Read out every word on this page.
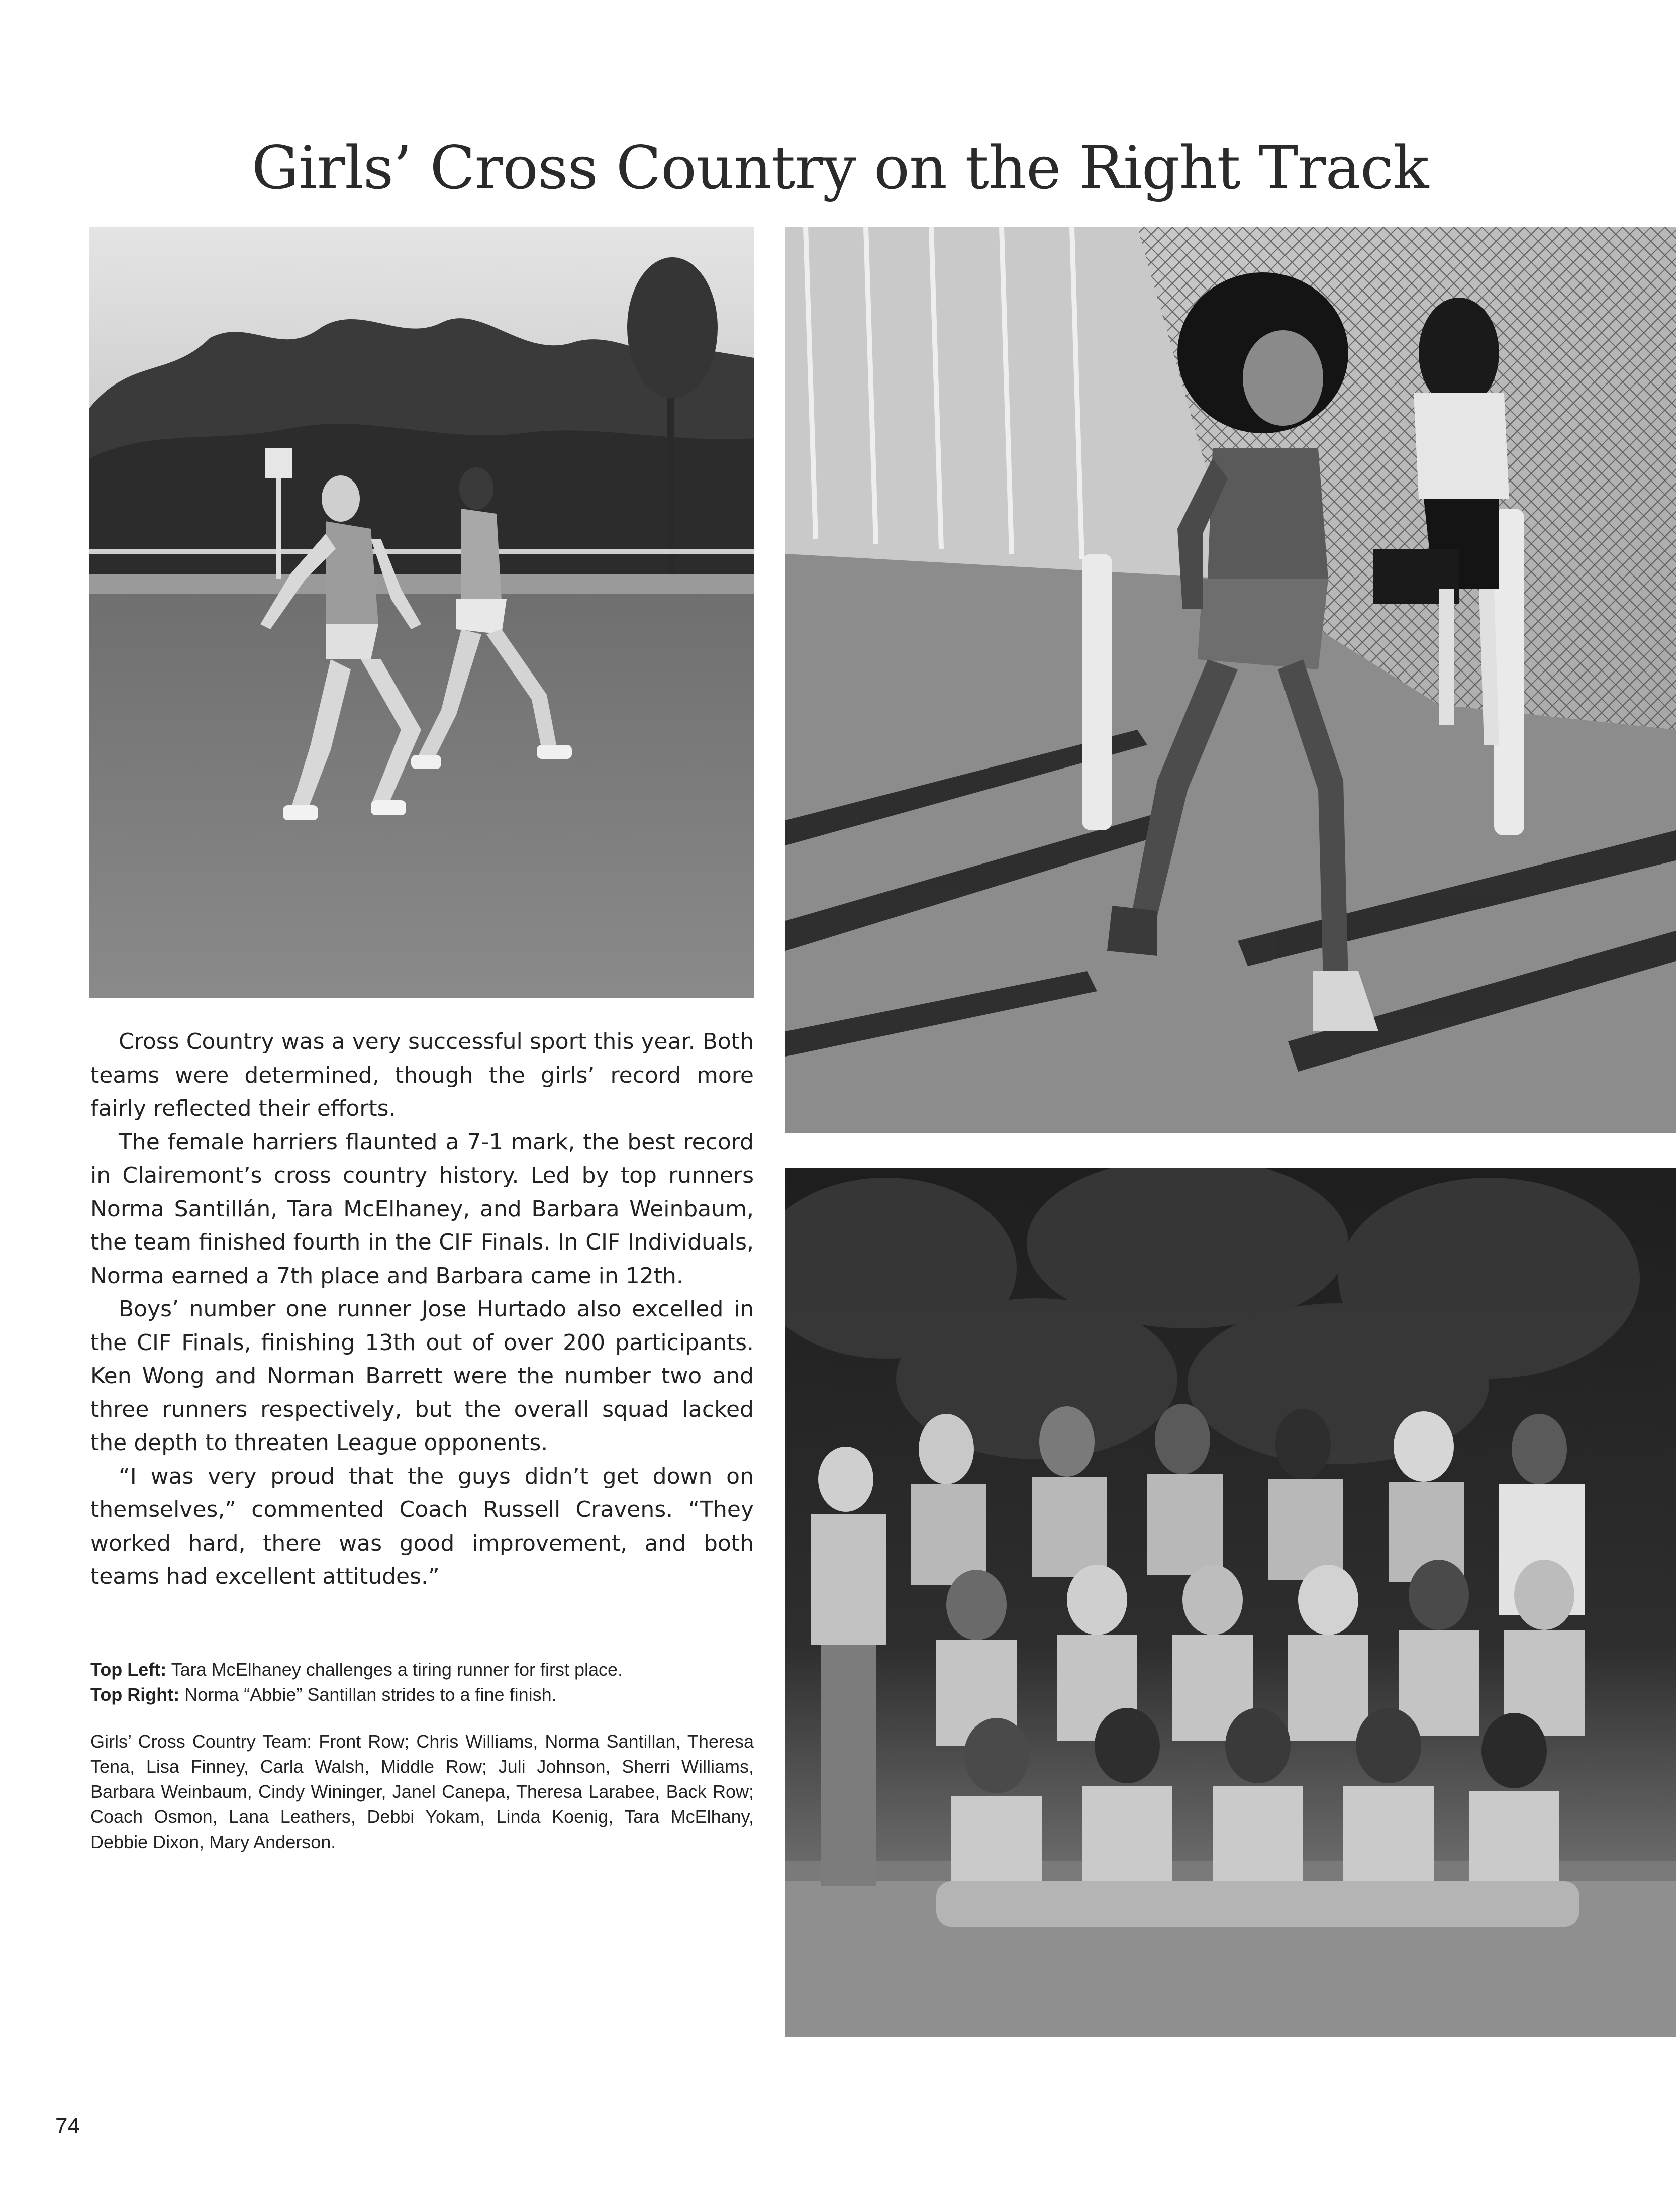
Girls’ Cross Country on the Right Track

Cross Country was a very successful sport this year. Both teams were determined, though the girls’ record more fairly reflected their efforts.

The female harriers flaunted a 7-1 mark, the best record in Clairemont’s cross country history. Led by top runners Norma Santillán, Tara McElhaney, and Barbara Weinbaum, the team finished fourth in the CIF Finals. In CIF Individuals, Norma earned a 7th place and Barbara came in 12th.

Boys’ number one runner Jose Hurtado also excelled in the CIF Finals, finishing 13th out of over 200 participants. Ken Wong and Norman Barrett were the number two and three runners respectively, but the overall squad lacked the depth to threaten League opponents.

“I was very proud that the guys didn’t get down on themselves,” commented Coach Russell Cravens. “They worked hard, there was good improvement, and both teams had excellent attitudes.”

Top Left: Tara McElhaney challenges a tiring runner for first place.
Top Right: Norma “Abbie” Santillan strides to a fine finish.
Girls’ Cross Country Team: Front Row; Chris Williams, Norma Santillan, Theresa Tena, Lisa Finney, Carla Walsh, Middle Row; Juli Johnson, Sherri Williams, Barbara Weinbaum, Cindy Wininger, Janel Canepa, Theresa Larabee, Back Row; Coach Osmon, Lana Leathers, Debbi Yokam, Linda Koenig, Tara McElhany, Debbie Dixon, Mary Anderson.
74
